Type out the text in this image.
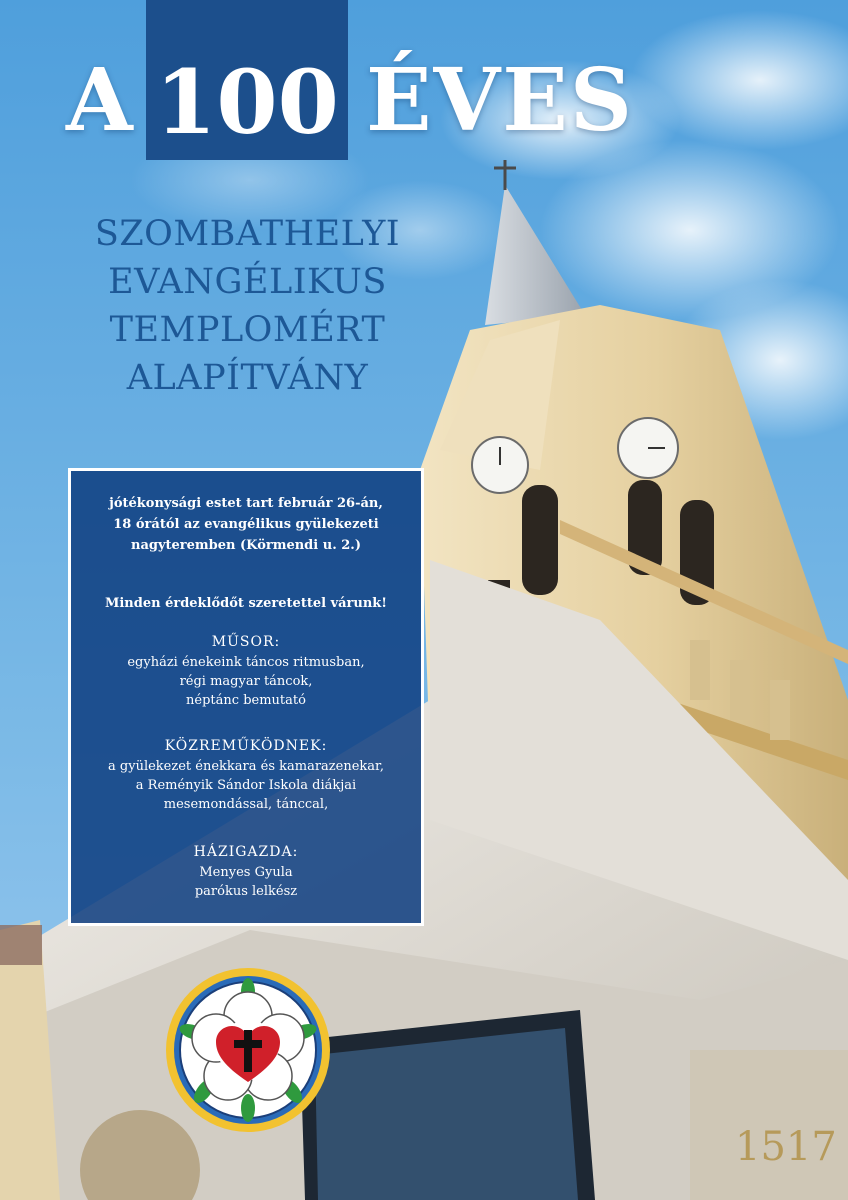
1517
A 100 ÉVES
SZOMBATHELYI
EVANGÉLIKUS
TEMPLOMÉRT
ALAPÍTVÁNY
jótékonysági estet tart február 26-án,
18 órától az evangélikus gyülekezeti
nagyteremben (Körmendi u. 2.)
Minden érdeklődőt szeretettel várunk!
MŰSOR:
egyházi énekeink táncos ritmusban,
régi magyar táncok,
néptánc bemutató
KÖZREMŰKÖDNEK:
a gyülekezet énekkara és kamarazenekar,
a Reményik Sándor Iskola diákjai
mesemondással, tánccal,
HÁZIGAZDA:
Menyes Gyula
parókus lelkész
